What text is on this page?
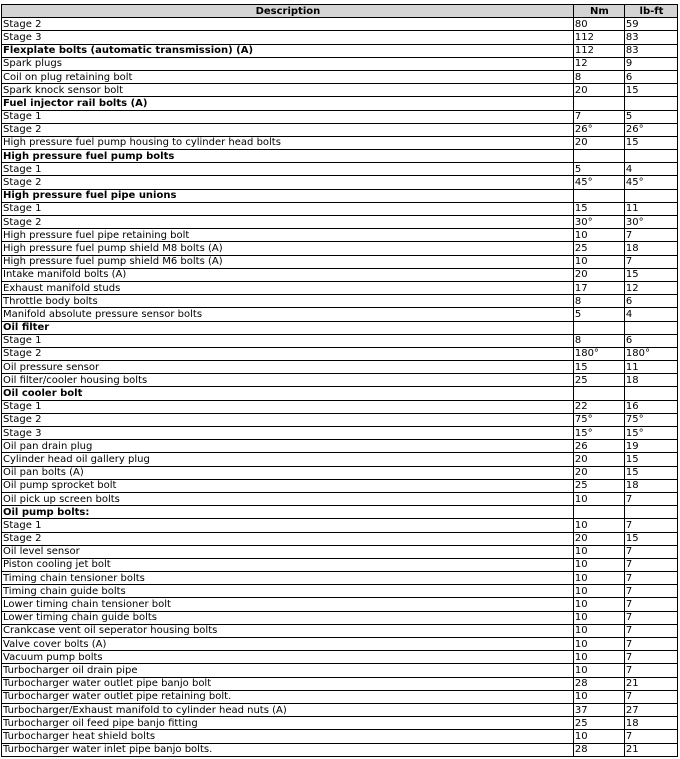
Description	Nm	lb-ft
Stage 2	80	59
Stage 3	112	83
Flexplate bolts (automatic transmission) (A)	112	83
Spark plugs	12	9
Coil on plug retaining bolt	8	6
Spark knock sensor bolt	20	15
Fuel injector rail bolts (A)		
Stage 1	7	5
Stage 2	26°	26°
High pressure fuel pump housing to cylinder head bolts	20	15
High pressure fuel pump bolts		
Stage 1	5	4
Stage 2	45°	45°
High pressure fuel pipe unions		
Stage 1	15	11
Stage 2	30°	30°
High pressure fuel pipe retaining bolt	10	7
High pressure fuel pump shield M8 bolts (A)	25	18
High pressure fuel pump shield M6 bolts (A)	10	7
Intake manifold bolts (A)	20	15
Exhaust manifold studs	17	12
Throttle body bolts	8	6
Manifold absolute pressure sensor bolts	5	4
Oil filter		
Stage 1	8	6
Stage 2	180°	180°
Oil pressure sensor	15	11
Oil filter/cooler housing bolts	25	18
Oil cooler bolt		
Stage 1	22	16
Stage 2	75°	75°
Stage 3	15°	15°
Oil pan drain plug	26	19
Cylinder head oil gallery plug	20	15
Oil pan bolts (A)	20	15
Oil pump sprocket bolt	25	18
Oil pick up screen bolts	10	7
Oil pump bolts:		
Stage 1	10	7
Stage 2	20	15
Oil level sensor	10	7
Piston cooling jet bolt	10	7
Timing chain tensioner bolts	10	7
Timing chain guide bolts	10	7
Lower timing chain tensioner bolt	10	7
Lower timing chain guide bolts	10	7
Crankcase vent oil seperator housing bolts	10	7
Valve cover bolts (A)	10	7
Vacuum pump bolts	10	7
Turbocharger oil drain pipe	10	7
Turbocharger water outlet pipe banjo bolt	28	21
Turbocharger water outlet pipe retaining bolt.	10	7
Turbocharger/Exhaust manifold to cylinder head nuts (A)	37	27
Turbocharger oil feed pipe banjo fitting	25	18
Turbocharger heat shield bolts	10	7
Turbocharger water inlet pipe banjo bolts.	28	21
